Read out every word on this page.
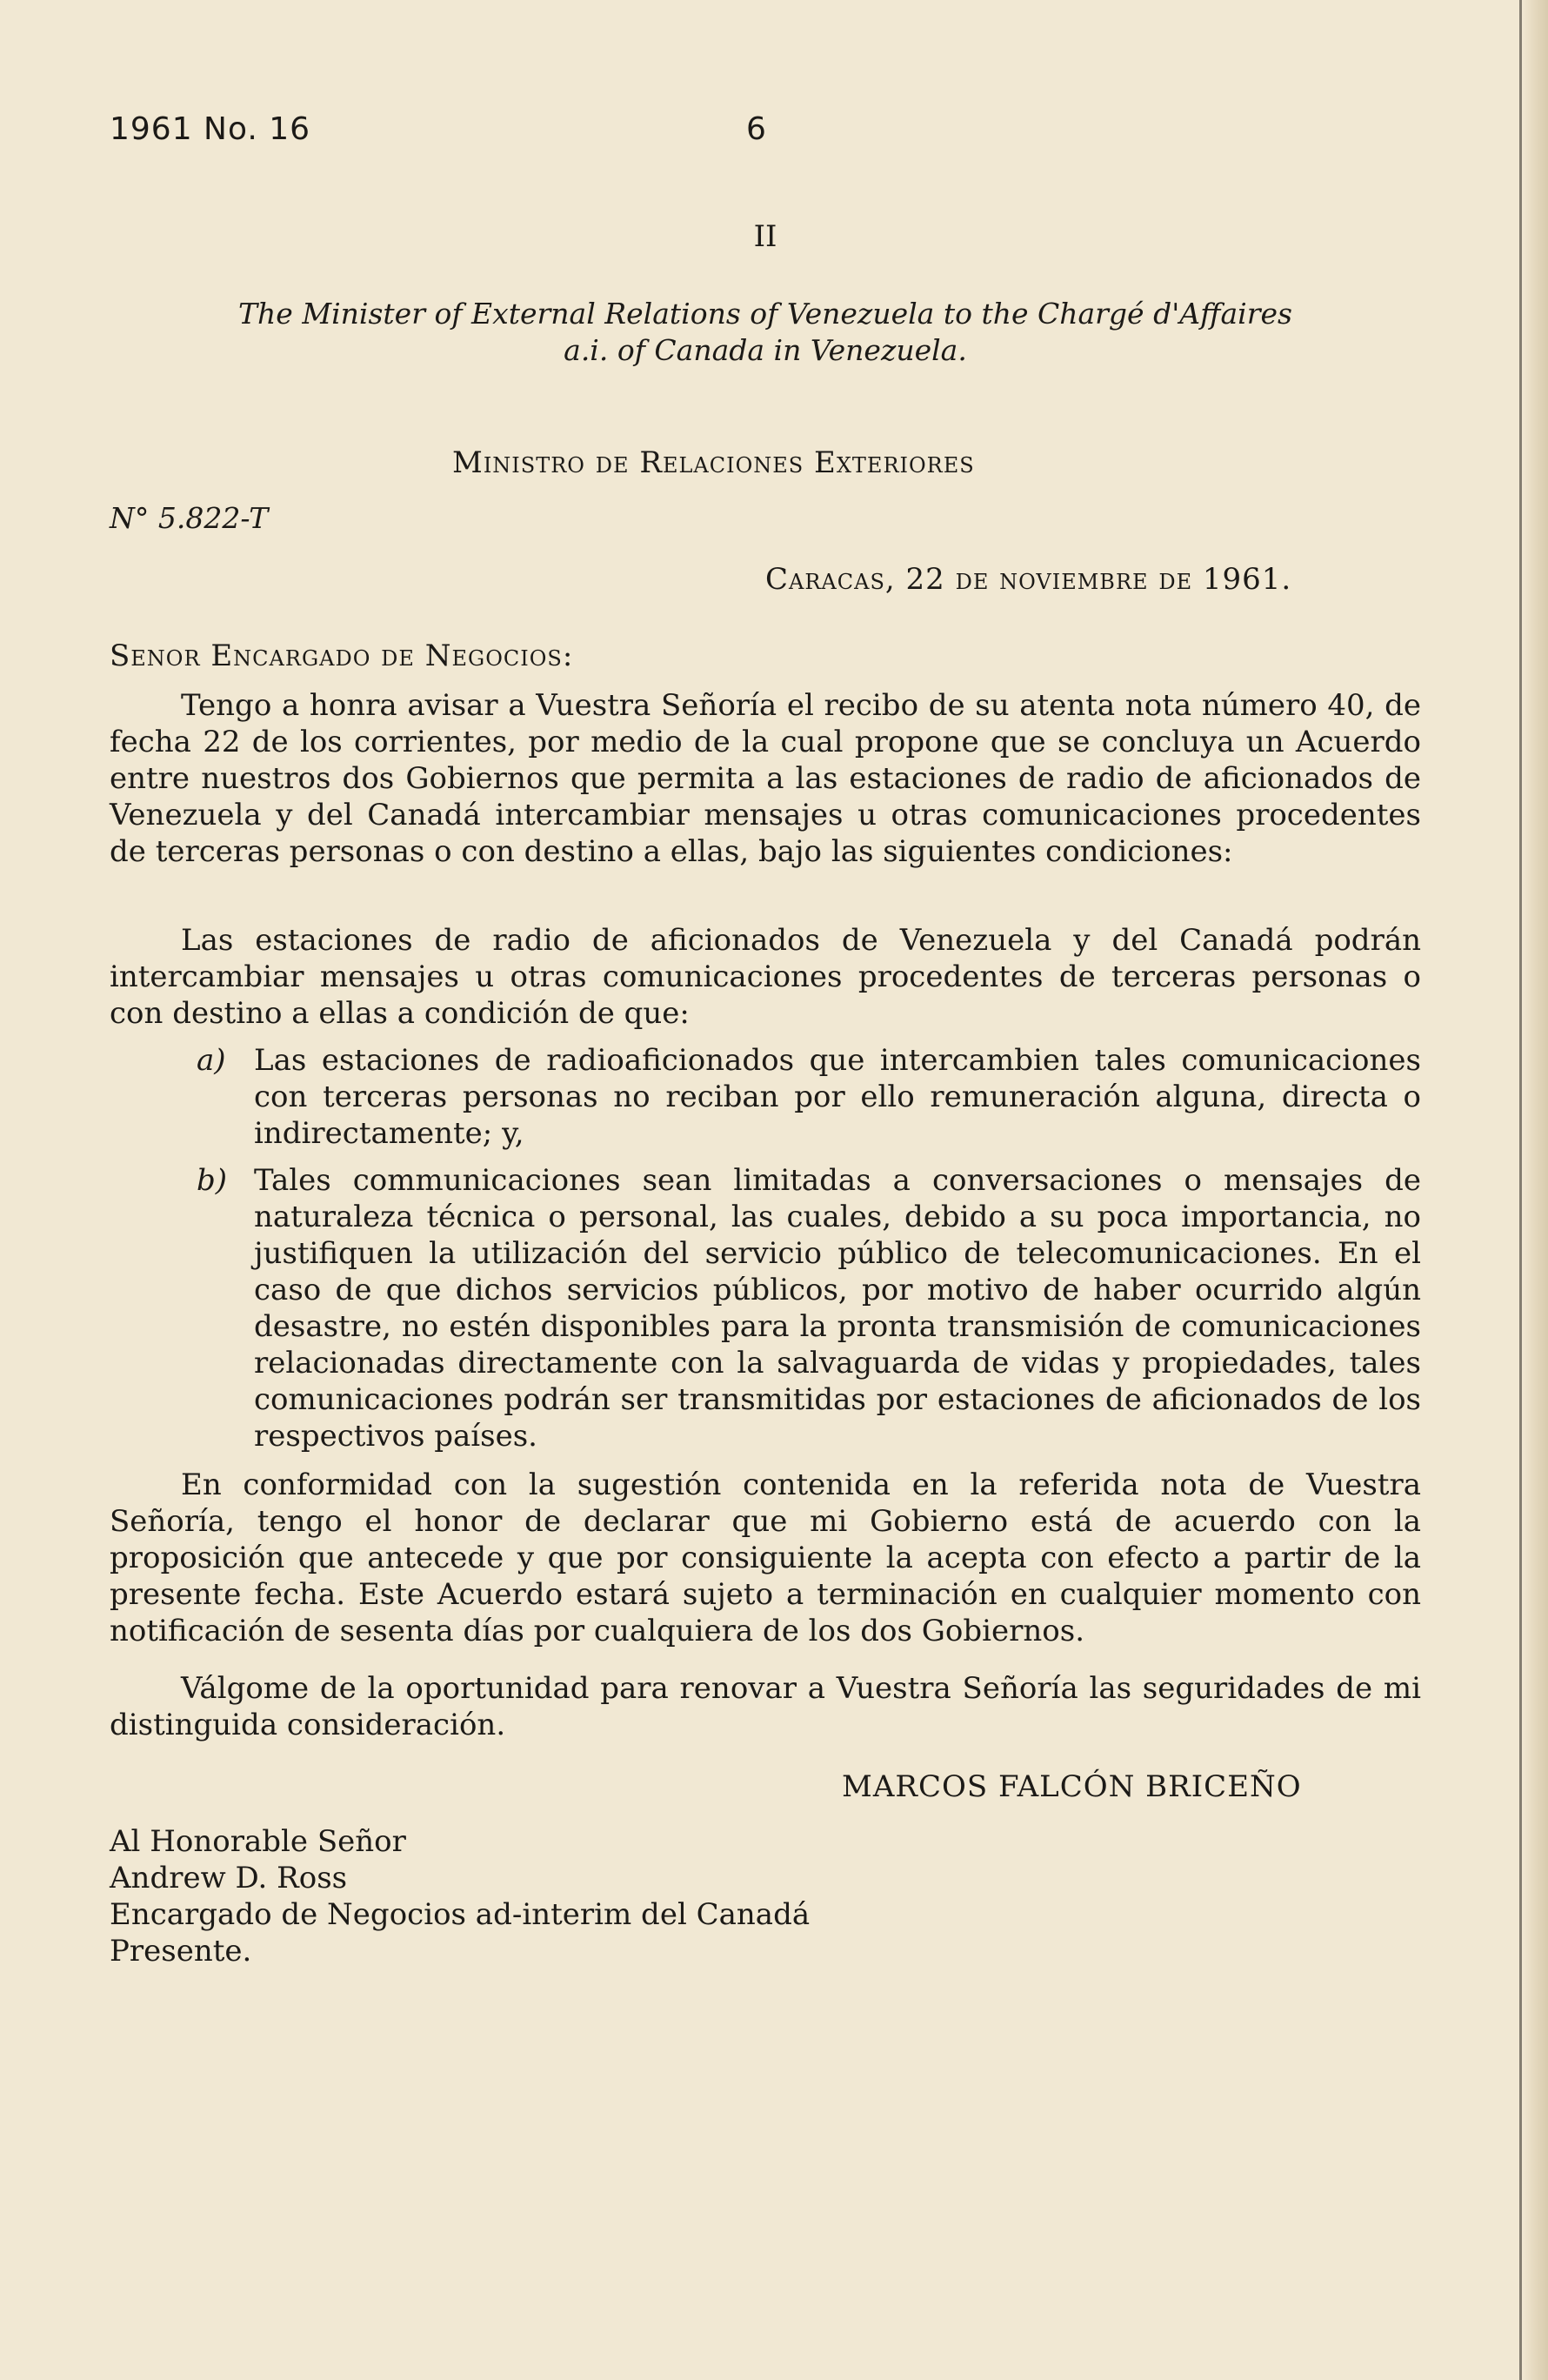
1961 No. 16	6
II
The Minister of External Relations of Venezuela to the Chargé d'Affaires
a.i. of Canada in Venezuela.
Ministro de Relaciones Exteriores
N° 5.822-T
Caracas, 22 de noviembre de 1961.
Senor Encargado de Negocios:
Tengo a honra avisar a Vuestra Señoría el recibo de su atenta nota número 40, de fecha 22 de los corrientes, por medio de la cual propone que se concluya un Acuerdo entre nuestros dos Gobiernos que permita a las estaciones de radio de aficionados de Venezuela y del Canadá intercambiar mensajes u otras comunicaciones procedentes de terceras personas o con destino a ellas, bajo las siguientes condiciones:
Las estaciones de radio de aficionados de Venezuela y del Canadá podrán intercambiar mensajes u otras comunicaciones procedentes de terceras personas o con destino a ellas a condición de que:
a) Las estaciones de radioaficionados que intercambien tales comunicaciones con terceras personas no reciban por ello remuneración alguna, directa o indirectamente; y,
b) Tales communicaciones sean limitadas a conversaciones o mensajes de naturaleza técnica o personal, las cuales, debido a su poca importancia, no justifiquen la utilización del servicio público de telecomunicaciones. En el caso de que dichos servicios públicos, por motivo de haber ocurrido algún desastre, no estén disponibles para la pronta transmisión de comunicaciones relacionadas directamente con la salvaguarda de vidas y propiedades, tales comunicaciones podrán ser transmitidas por estaciones de aficionados de los respectivos países.
En conformidad con la sugestión contenida en la referida nota de Vuestra Señoría, tengo el honor de declarar que mi Gobierno está de acuerdo con la proposición que antecede y que por consiguiente la acepta con efecto a partir de la presente fecha. Este Acuerdo estará sujeto a terminación en cualquier momento con notificación de sesenta días por cualquiera de los dos Gobiernos.
Válgome de la oportunidad para renovar a Vuestra Señoría las seguridades de mi distinguida consideración.
MARCOS FALCÓN BRICEÑO
Al Honorable Señor
Andrew D. Ross
Encargado de Negocios ad-interim del Canadá
Presente.
